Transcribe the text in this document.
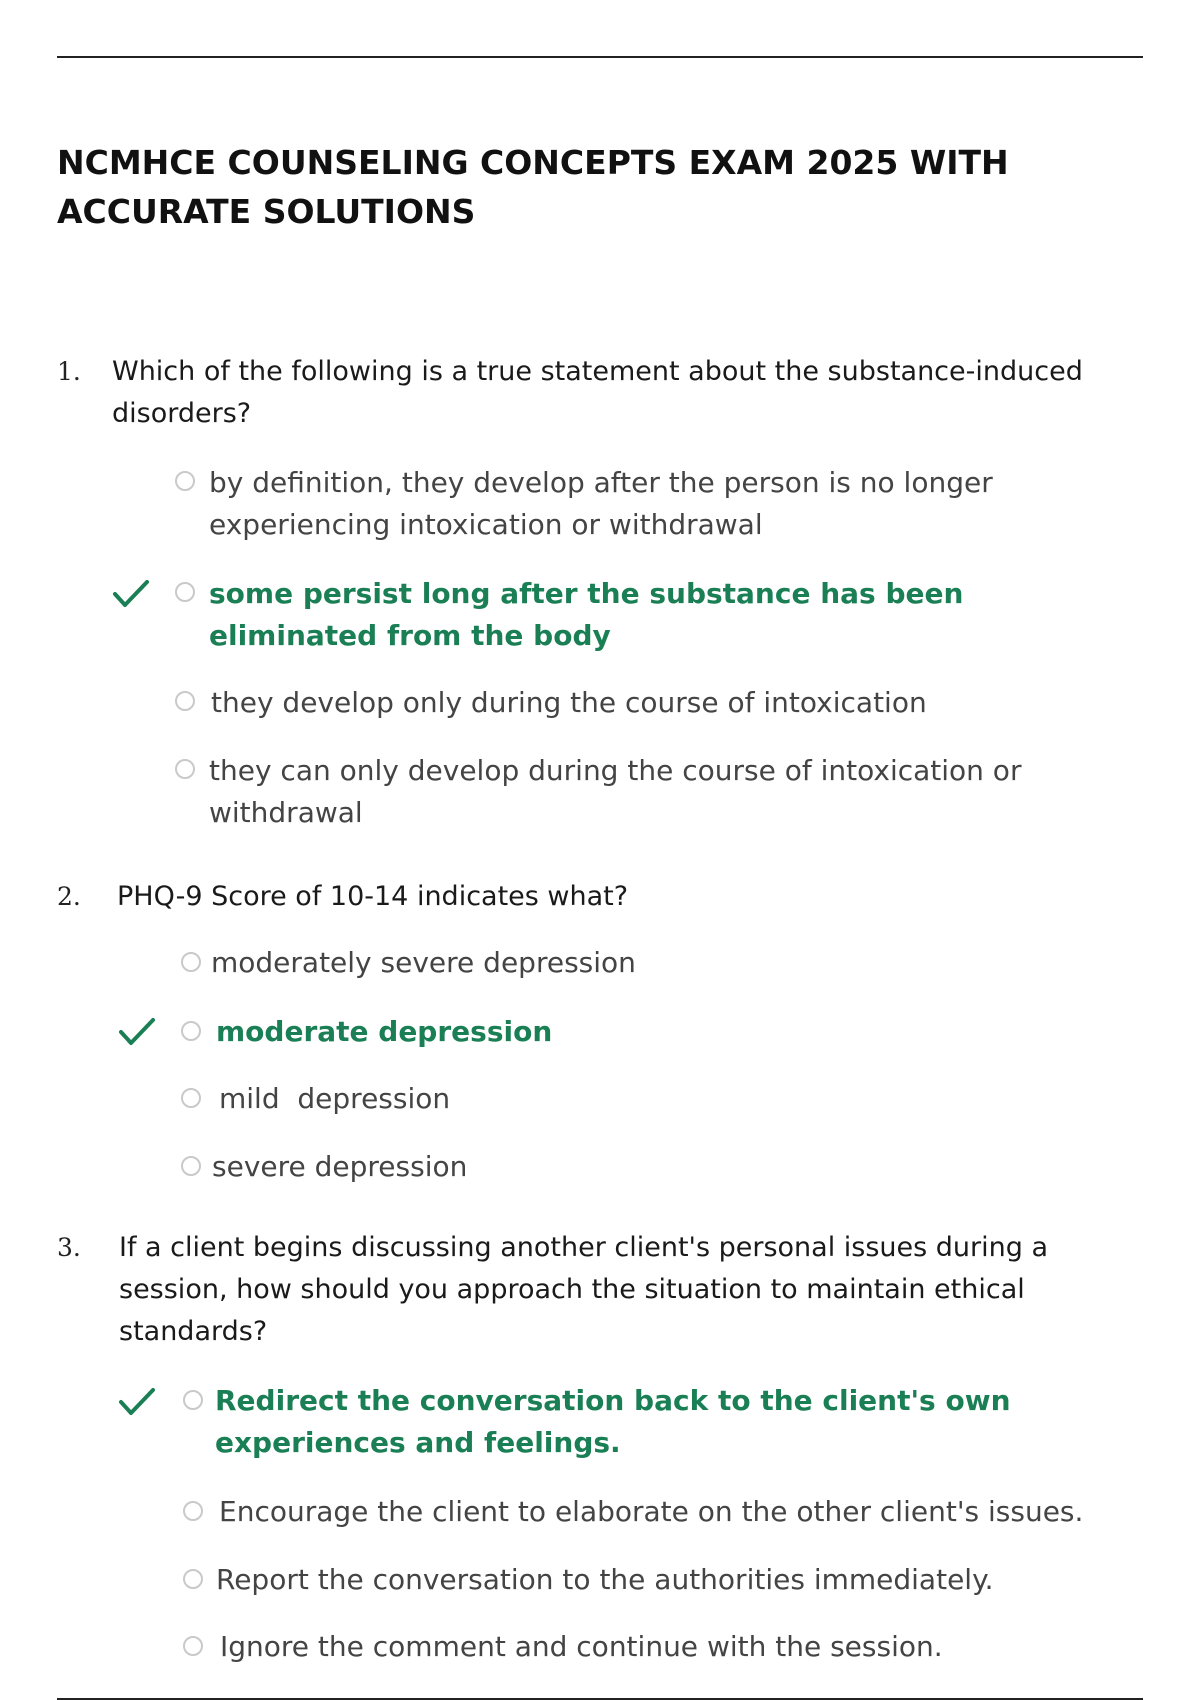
NCMHCE COUNSELING CONCEPTS EXAM 2025 WITH ACCURATE SOLUTIONS
1. Which of the following is a true statement about the substance-induced disorders?

by definition, they develop after the person is no longer experiencing intoxication or withdrawal

some persist long after the substance has been eliminated from the body

they develop only during the course of intoxication

they can only develop during the course of intoxication or withdrawal

2. PHQ-9 Score of 10-14 indicates what?

moderately severe depression

moderate depression

mild  depression

severe depression

3. If a client begins discussing another client's personal issues during a session, how should you approach the situation to maintain ethical standards?

Redirect the conversation back to the client's own experiences and feelings.

Encourage the client to elaborate on the other client's issues.

Report the conversation to the authorities immediately.

Ignore the comment and continue with the session.
